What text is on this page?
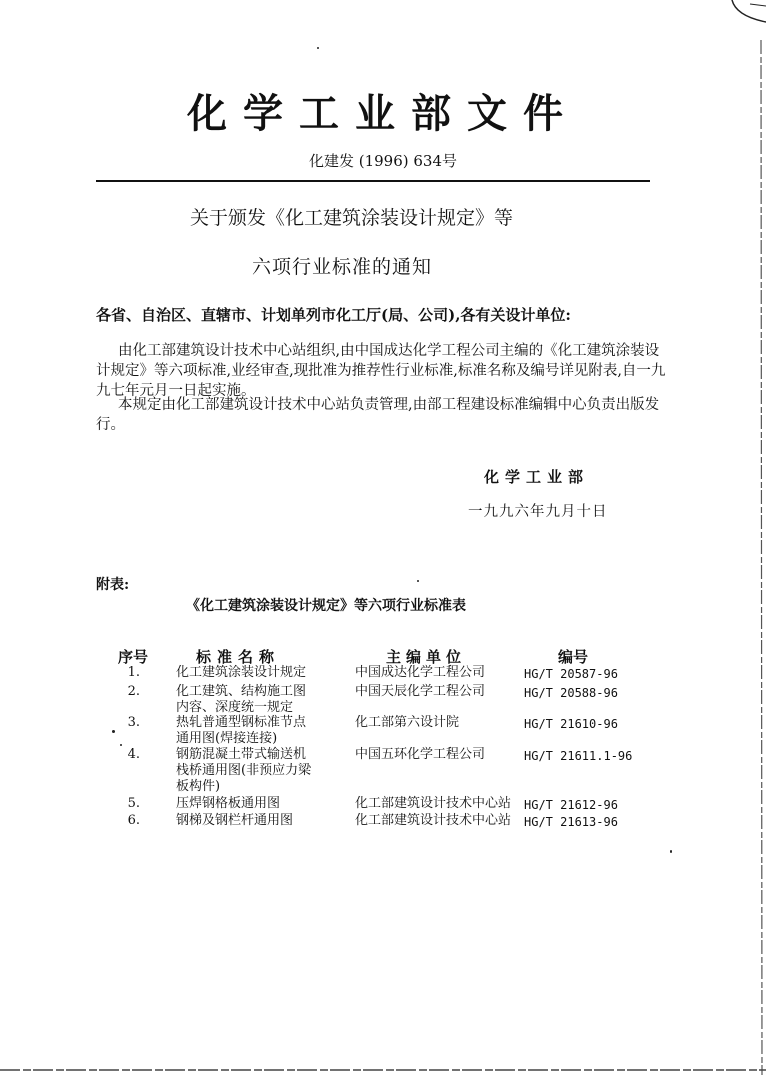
化学工业部文件
化建发 (1996) 634号
关于颁发《化工建筑涂装设计规定》等
六项行业标准的通知
各省、自治区、直辖市、计划单列市化工厅(局、公司),各有关设计单位:
由化工部建筑设计技术中心站组织,由中国成达化学工程公司主编的《化工建筑涂装设计规定》等六项标准,业经审查,现批准为推荐性行业标准,标准名称及编号详见附表,自一九九七年元月一日起实施。
本规定由化工部建筑设计技术中心站负责管理,由部工程建设标准编辑中心负责出版发行。
化学工业部
一九九六年九月十日
附表:
《化工建筑涂装设计规定》等六项行业标准表
序号	标准名称	主编单位	编号
1.	化工建筑涂装设计规定	中国成达化学工程公司	HG/T 20587-96
2.	化工建筑、结构施工图
内容、深度统一规定
中国天辰化学工程公司	HG/T 20588-96
3.	热轧普通型钢标准节点
通用图(焊接连接)
化工部第六设计院	HG/T 21610-96
4.	钢筋混凝土带式输送机
栈桥通用图(非预应力梁
板构件)
中国五环化学工程公司	HG/T 21611.1-96
5.	压焊钢格板通用图	化工部建筑设计技术中心站 HG/T 21612-96
6.	钢梯及钢栏杆通用图	化工部建筑设计技术中心站 HG/T 21613-96
